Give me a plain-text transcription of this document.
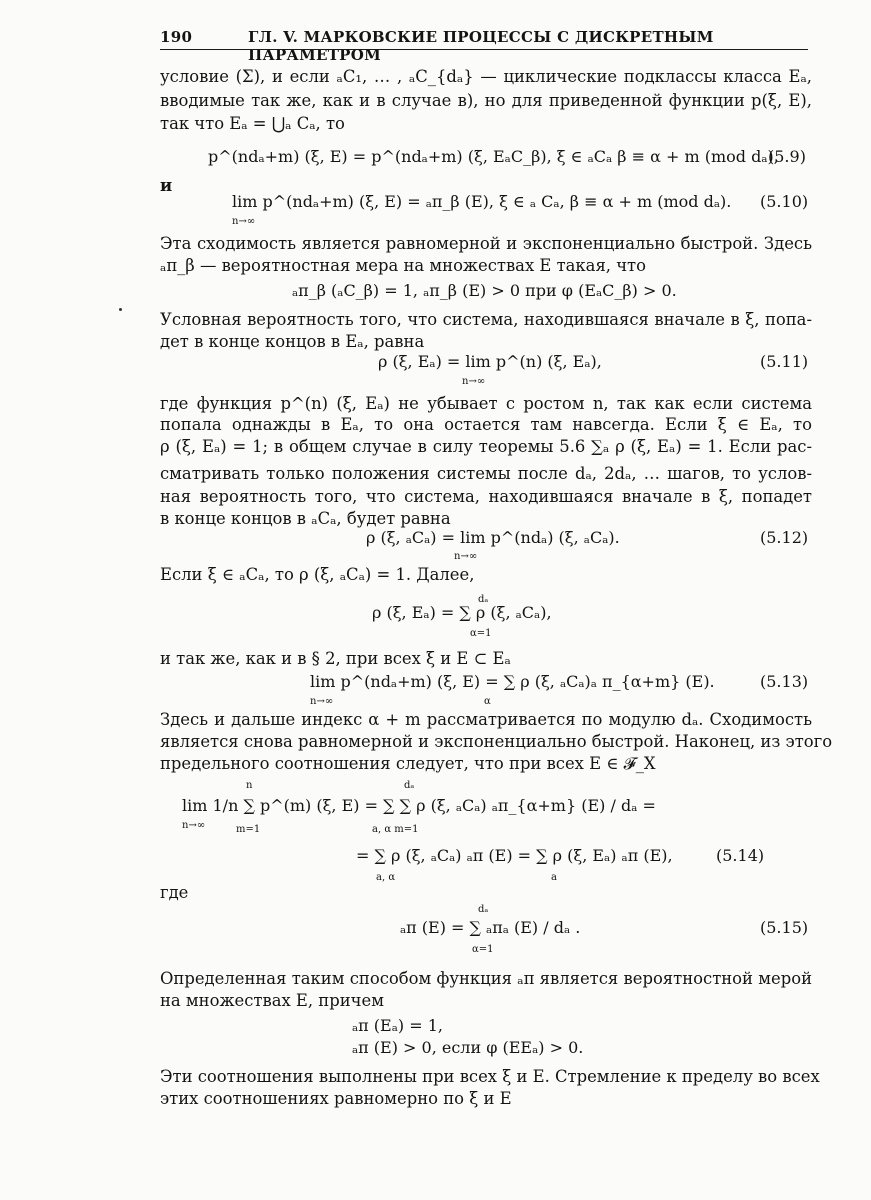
190	ГЛ. V. МАРКОВСКИЕ ПРОЦЕССЫ С ДИСКРЕТНЫМ ПАРАМЕТРОМ
условие (Σ), и если ₐC₁, … , ₐC_{dₐ} — циклические подклассы класса Eₐ,
вводимые так же, как и в случае в), но для приведенной функции p(ξ, E),
так что Eₐ = ⋃ₐ Cₐ, то
p^(ndₐ+m) (ξ, E) = p^(ndₐ+m) (ξ, EₐC_β), ξ ∈ ₐCₐ β ≡ α + m (mod dₐ),
(5.9)
и
lim p^(ndₐ+m) (ξ, E) = ₐπ_β (E), ξ ∈ ₐ Cₐ, β ≡ α + m (mod dₐ).
n→∞
(5.10)
Эта сходимость является равномерной и экспоненциально быстрой. Здесь
ₐπ_β — вероятностная мера на множествах E такая, что
ₐπ_β (ₐC_β) = 1, ₐπ_β (E) > 0 при φ (EₐC_β) > 0.
Условная вероятность того, что система, находившаяся вначале в ξ, попа-
дет в конце концов в Eₐ, равна
ρ (ξ, Eₐ) = lim p^(n) (ξ, Eₐ),
n→∞
(5.11)
где функция p^(n) (ξ, Eₐ) не убывает с ростом n, так как если система
попала однажды в Eₐ, то она остается там навсегда. Если ξ ∈ Eₐ, то
ρ (ξ, Eₐ) = 1; в общем случае в силу теоремы 5.6 ∑ₐ ρ (ξ, Eₐ) = 1. Если рас-
сматривать только положения системы после dₐ, 2dₐ, … шагов, то услов-
ная вероятность того, что система, находившаяся вначале в ξ, попадет
в конце концов в ₐCₐ, будет равна
ρ (ξ, ₐCₐ) = lim p^(ndₐ) (ξ, ₐCₐ).
n→∞
(5.12)
Если ξ ∈ ₐCₐ, то ρ (ξ, ₐCₐ) = 1. Далее,
dₐ
ρ (ξ, Eₐ) = ∑ ρ (ξ, ₐCₐ),
α=1
и так же, как и в § 2, при всех ξ и E ⊂ Eₐ
lim p^(ndₐ+m) (ξ, E) = ∑ ρ (ξ, ₐCₐ)ₐ π_{α+m} (E).
n→∞	α
(5.13)
Здесь и дальше индекс α + m рассматривается по модулю dₐ. Сходимость
является снова равномерной и экспоненциально быстрой. Наконец, из этого
предельного соотношения следует, что при всех E ∈ 𝓕_X
n	dₐ
lim 1/n ∑ p^(m) (ξ, E) = ∑ ∑ ρ (ξ, ₐCₐ) ₐπ_{α+m} (E) / dₐ =
n→∞	m=1	a, α m=1
= ∑ ρ (ξ, ₐCₐ) ₐπ (E) = ∑ ρ (ξ, Eₐ) ₐπ (E),
a, α	a
(5.14)
где
dₐ
ₐπ (E) = ∑ ₐπₐ (E) / dₐ .
α=1
(5.15)
Определенная таким способом функция ₐπ является вероятностной мерой
на множествах E, причем
ₐπ (Eₐ) = 1,
ₐπ (E) > 0, если φ (EEₐ) > 0.
Эти соотношения выполнены при всех ξ и E. Стремление к пределу во всех
этих соотношениях равномерно по ξ и E
